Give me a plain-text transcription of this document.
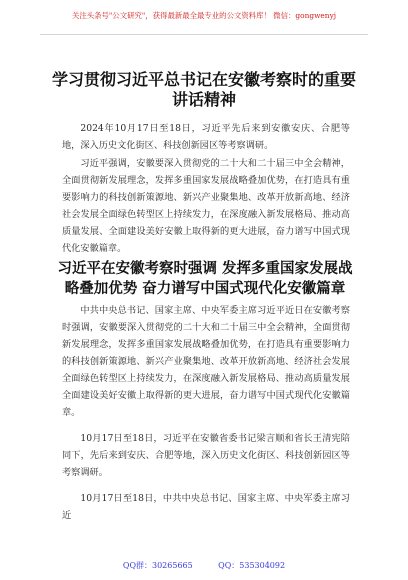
关注头条号"公文研究"，获得最新最全最专业的公文资料库！ 微信：gongwenyj
学习贯彻习近平总书记在安徽考察时的重要讲话精神

2024年10月17日至18日，习近平先后来到安徽安庆、合肥等地，深入历史文化街区、科技创新园区等考察调研。

习近平强调，安徽要深入贯彻党的二十大和二十届三中全会精神，全面贯彻新发展理念，发挥多重国家发展战略叠加优势，在打造具有重要影响力的科技创新策源地、新兴产业聚集地、改革开放新高地、经济社会发展全面绿色转型区上持续发力，在深度融入新发展格局、推动高质量发展、全面建设美好安徽上取得新的更大进展，奋力谱写中国式现代化安徽篇章。

习近平在安徽考察时强调 发挥多重国家发展战略叠加优势 奋力谱写中国式现代化安徽篇章

中共中央总书记、国家主席、中央军委主席习近平近日在安徽考察时强调，安徽要深入贯彻党的二十大和二十届三中全会精神，全面贯彻新发展理念，发挥多重国家发展战略叠加优势，在打造具有重要影响力的科技创新策源地、新兴产业聚集地、改革开放新高地、经济社会发展全面绿色转型区上持续发力，在深度融入新发展格局、推动高质量发展全面建设美好安徽上取得新的更大进展，奋力谱写中国式现代化安徽篇章。

10月17日至18日，习近平在安徽省委书记梁言顺和省长王清宪陪同下，先后来到安庆、合肥等地，深入历史文化街区、科技创新园区等考察调研。

10月17日至18日，中共中央总书记、国家主席、中央军委主席习近

QQ群：30265665          QQ：535304092
